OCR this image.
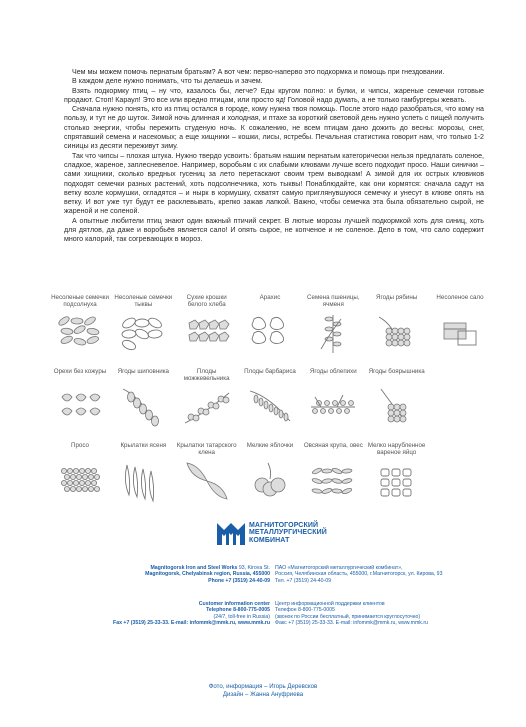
Чем мы можем помочь пернатым братьям? А вот чем: перво-наперво это подкормка и помощь при гнездовании.

В каждом деле нужно понимать, что ты делаешь и зачем.

Взять подкормку птиц – ну что, казалось бы, легче? Еды кругом полно: и булки, и чипсы, жареные семечки готовые продают. Стоп! Караул! Это все или вредно птицам, или просто яд! Головой надо думать, а не только гамбургеры жевать.

Сначала нужно понять, кто из птиц остался в городе, кому нужна твоя помощь. После этого надо разобраться, что кому на пользу, и тут не до шуток. Зимой ночь длинная и холодная, и птахе за короткий световой день нужно успеть с пищей получить столько энергии, чтобы пережить студеную ночь. К сожалению, не всем птицам дано дожить до весны: морозы, снег, спрятавший семена и насекомых; а еще хищники – кошки, лисы, ястребы. Печальная статистика говорит нам, что только 1-2 синицы из десяти переживут зиму.

Так что чипсы – плохая штука. Нужно твердо усвоить: братьям нашим пернатым категорически нельзя предлагать соленое, сладкое, жареное, заплесневелое. Например, воробьям с их слабыми клювами лучше всего подходит просо. Наши синички – сами хищники, сколько вредных гусениц за лето перетаскают своим трем выводкам! А зимой для их острых клювиков подходят семечки разных растений, хоть подсолнечника, хоть тыквы! Понаблюдайте, как они кормятся: сначала садут на ветку возле кормушки, огладятся – и нырк в кормушку, схватят самую приглянувшуюся семечку и унесут в клюве опять на ветку. И вот уже тут будут ее расклевывать, крепко зажав лапкой. Важно, чтобы семечка эта была обязательно сырой, не жареной и не соленой.

А опытные любители птиц знают один важный птичий секрет. В лютые морозы лучшей подкормкой хоть для синиц, хоть для дятлов, да даже и воробьёв является сало! И опять сырое, не копченое и не соленое. Дело в том, что сало содержит много калорий, так согревающих в мороз.

Несоленые семечки подсолнуха
Несоленые семечки тыквы
Сухие крошки белого хлеба
Арахис	Семена пшеницы, ячменя
Ягоды рябины	Несоленое сало
Орехи без кожуры Ягоды шиповника	Плоды можжевельника
Плоды барбариса Ягоды облепихи Ягоды боярышника
Просо	Крылатки ясеня Крылатки татарского клена
Мелкие яблочки Овсяная крупа, овес Мелко нарубленное вареное яйцо
МАГНИТОГОРСКИЙ
МЕТАЛЛУРГИЧЕСКИЙ
КОМБИНАТ
Magnitogorsk Iron and Steel Works 93, Kirova St.
Magnitogorsk, Chelyabinsk region, Russia, 455000
Phone +7 (3519) 24-40-09
ПАО «Магнитогорский металлургический комбинат»,
Россия, Челябинская область, 455000, г.Магнитогорск, ул. Кирова, 93
Тел. +7 (3519) 24-40-09
Customer information center
Telephone 8-800-775-0005
(24/7, toll-free in Russia)
Fax +7 (3519) 25-33-33. E-mail: infommk@mmk.ru, www.mmk.ru
Центр информационной поддержки клиентов
Телефон 8-800-775-0005
(звонок по России бесплатный, принимается круглосуточно)
Факс +7 (3519) 25-33-33. E-mail: infommk@mmk.ru, www.mmk.ru
Фото, информация – Игорь Деревсков
Дизайн – Жанна Ануфриева
